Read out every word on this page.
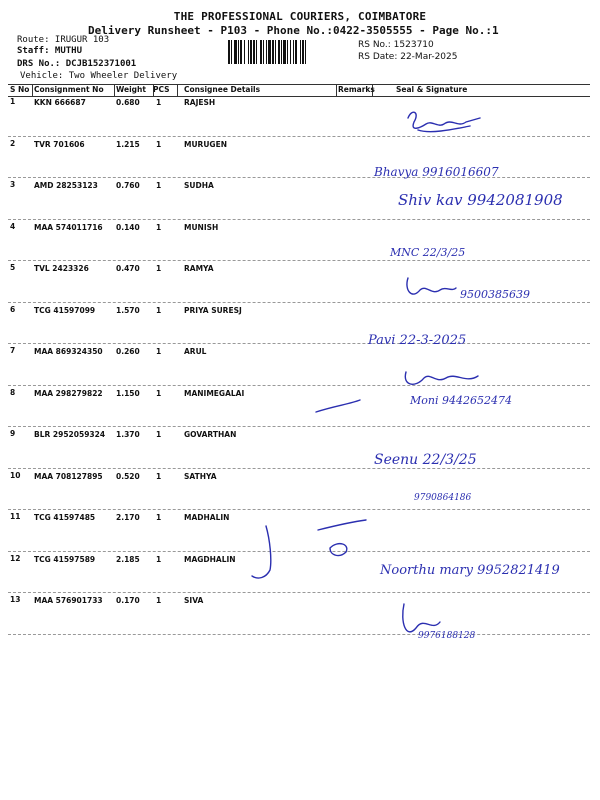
THE PROFESSIONAL COURIERS, COIMBATORE
Delivery Runsheet - P103 - Phone No.:0422-3505555 - Page No.:1
Route: IRUGUR 103
Staff: MUTHU
DRS No.: DCJB152371001
Vehicle: Two Wheeler Delivery
RS No.: 1523710
RS Date: 22-Mar-2025
S No Consignment No Weight PCS Consignee Details	Remarks	Seal & Signature
1	KKN 666687	0.680 1	RAJESH
2	TVR 701606	1.215 1	MURUGEN
3	AMD 28253123 0.760 1	SUDHA
4	MAA 574011716 0.140 1	MUNISH
5	TVL 2423326	0.470 1	RAMYA
6	TCG 41597099	1.570 1	PRIYA SURESJ
7	MAA 869324350 0.260 1	ARUL
8	MAA 298279822 1.150 1	MANIMEGALAI
9	BLR 2952059324 1.370 1	GOVARTHAN
10 MAA 708127895 0.520 1	SATHYA
11 TCG 41597485	2.170 1	MADHALIN
12 TCG 41597589	2.185 1	MAGDHALIN
13 MAA 576901733 0.170 1	SIVA
Bhavya 9916016607
Shiv kav 9942081908
MNC 22/3/25
9500385639
Pavi 22-3-2025
Moni 9442652474
Seenu 22/3/25
9790864186
Noorthu mary 9952821419
9976188128
